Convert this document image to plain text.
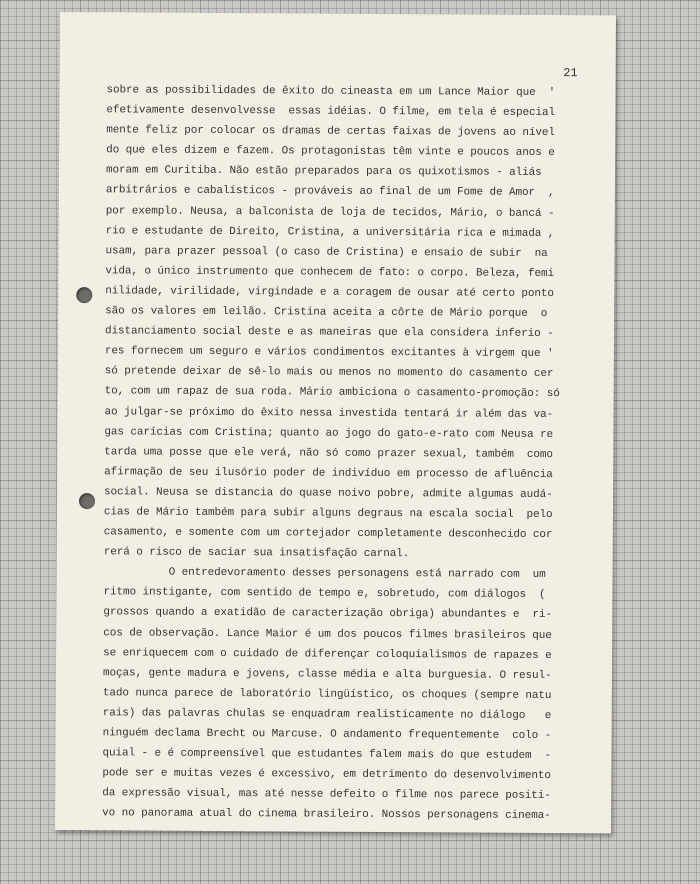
21
sobre as possibilidades de êxito do cineasta em um Lance Maior que  '
efetivamente desenvolvesse  essas idéias. O filme, em tela é especial
mente feliz por colocar os dramas de certas faixas de jovens ao nível
do que eles dizem e fazem. Os protagonistas têm vinte e poucos anos e
moram em Curitiba. Não estão preparados para os quixotismos - aliás
arbitrários e cabalísticos - prováveis ao final de um Fome de Amor  ,
por exemplo. Neusa, a balconista de loja de tecidos, Mário, o bancá -
rio e estudante de Direito, Cristina, a universitária rica e mimada ,
usam, para prazer pessoal (o caso de Cristina) e ensaio de subir  na
vida, o único instrumento que conhecem de fato: o corpo. Beleza, femi
nilidade, virilidade, virgindade e a coragem de ousar até certo ponto
são os valores em leilão. Cristina aceita a côrte de Mário porque  o
distanciamento social deste e as maneiras que ela considera inferio -
res fornecem um seguro e vários condimentos excitantes à virgem que '
só pretende deixar de sê-lo mais ou menos no momento do casamento cer
to, com um rapaz de sua roda. Mário ambiciona o casamento-promoção: só
ao julgar-se próximo do êxito nessa investida tentará ir além das va-
gas carícias com Cristina; quanto ao jogo do gato-e-rato com Neusa re
tarda uma posse que ele verá, não só como prazer sexual, também  como
afirmação de seu ilusório poder de indivíduo em processo de afluência
social. Neusa se distancia do quase noivo pobre, admite algumas audá-
cias de Mário também para subir alguns degraus na escala social  pelo
casamento, e somente com um cortejador completamente desconhecido cor
rerá o risco de saciar sua insatisfação carnal.
O entredevoramento desses personagens está narrado com  um
ritmo instigante, com sentido de tempo e, sobretudo, com diálogos  (
grossos quando a exatidão de caracterização obriga) abundantes e  ri-
cos de observação. Lance Maior é um dos poucos filmes brasileiros que
se enriquecem com o cuidado de diferençar coloquialismos de rapazes e
moças, gente madura e jovens, classe média e alta burguesia. O resul-
tado nunca parece de laboratório lingüístico, os choques (sempre natu
rais) das palavras chulas se enquadram realisticamente no diálogo   e
ninguém declama Brecht ou Marcuse. O andamento frequentemente  colo -
quial - e é compreensível que estudantes falem mais do que estudem  -
pode ser e muitas vezes é excessivo, em detrimento do desenvolvimento
da expressão visual, mas até nesse defeito o filme nos parece positi-
vo no panorama atual do cinema brasileiro. Nossos personagens cinema-
